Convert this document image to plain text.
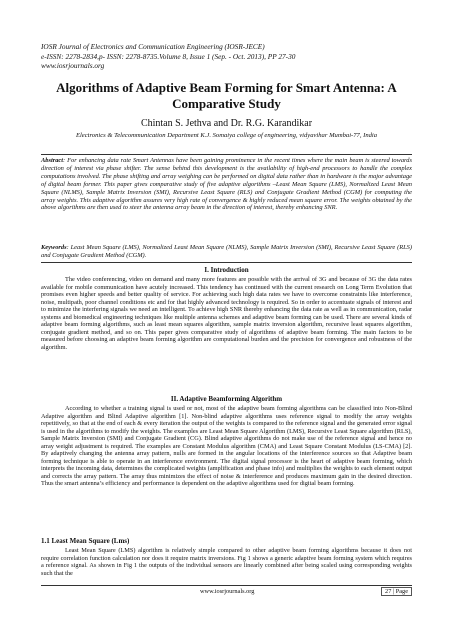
IOSR Journal of Electronics and Communication Engineering (IOSR-JECE)
e-ISSN: 2278-2834,p- ISSN: 2278-8735.Volume 8, Issue 1 (Sep. - Oct. 2013), PP 27-30
www.iosrjournals.org
Algorithms of Adaptive Beam Forming for Smart Antenna: A Comparative Study
Chintan S. Jethva and Dr. R.G. Karandikar
Electronics & Telecommunication Department K.J. Somaiya college of engineering, vidyavihar Mumbai-77, India
Abstract: For enhancing data rate Smart Antennas have been gaining prominence in the recent times where the main beam is steered towards direction of interest via phase shifter. The sense behind this development is the availability of high-end processors to handle the complex computations involved. The phase shifting and array weighing can be performed on digital data rather than in hardware is the major advantage of digital beam former. This paper gives comparative study of five adaptive algorithms –Least Mean Square (LMS), Normalized Least Mean Square (NLMS), Sample Matrix Inversion (SMI), Recursive Least Square (RLS) and Conjugate Gradient Method (CGM) for computing the array weights. This adaptive algorithm assures very high rate of convergence & highly reduced mean square error. The weights obtained by the above algorithms are then used to steer the antenna array beam in the direction of interest, thereby enhancing SNR.
Keywords: Least Mean Square (LMS), Normalized Least Mean Square (NLMS), Sample Matrix Inversion (SMI), Recursive Least Square (RLS) and Conjugate Gradient Method (CGM).
I. Introduction
The video conferencing, video on demand and many more features are possible with the arrival of 3G and because of 3G the data rates available for mobile communication have acutely increased. This tendency has continued with the current research on Long Term Evolution that promises even higher speeds and better quality of service. For achieving such high data rates we have to overcome constraints like interference, noise, multipath, poor channel conditions etc and for that highly advanced technology is required. So in order to accentuate signals of interest and to minimize the interfering signals we need an intelligent. To achieve high SNR thereby enhancing the data rate as well as in communication, radar systems and biomedical engineering techniques like multiple antenna schemes and adaptive beam forming can be used. There are several kinds of adaptive beam forming algorithms, such as least mean squares algorithm, sample matrix inversion algorithm, recursive least squares algorithm, conjugate gradient method, and so on. This paper gives comparative study of algorithms of adaptive beam forming. The main factors to be measured before choosing an adaptive beam forming algorithm are computational burden and the precision for convergence and robustness of the algorithm.
II. Adaptive Beamforming Algorithm
According to whether a training signal is used or not, most of the adaptive beam forming algorithms can be classified into Non-Blind Adaptive algorithm and Blind Adaptive algorithm [1]. Non-blind adaptive algorithms uses reference signal to modify the array weights repetitively, so that at the end of each & every iteration the output of the weights is compared to the reference signal and the generated error signal is used in the algorithms to modify the weights. The examples are Least Mean Square Algorithm (LMS), Recursive Least Square algorithm (RLS), Sample Matrix Inversion (SMI) and Conjugate Gradient (CG). Blind adaptive algorithms do not make use of the reference signal and hence no array weight adjustment is required. The examples are Constant Modulus algorithm (CMA) and Least Square Constant Modulus (LS-CMA) [2]. By adaptively changing the antenna array pattern, nulls are formed in the angular locations of the interference sources so that Adaptive beam forming technique is able to operate in an interference environment. The digital signal processor is the heart of adaptive beam forming, which interprets the incoming data, determines the complicated weights (amplification and phase info) and multiplies the weights to each element output and corrects the array pattern. The array thus minimizes the effect of noise & interference and produces maximum gain in the desired direction. Thus the smart antenna’s efficiency and performance is dependent on the adaptive algorithms used for digital beam forming.
1.1 Least Mean Square (Lms)
Least Mean Square (LMS) algorithm is relatively simple compared to other adaptive beam forming algorithms because it does not require correlation function calculation nor does it require matrix inversions. Fig 1 shows a generic adaptive beam forming system which requires a reference signal. As shown in Fig 1 the outputs of the individual sensors are linearly combined after being scaled using corresponding weights such that the
www.iosrjournals.org	27 | Page
